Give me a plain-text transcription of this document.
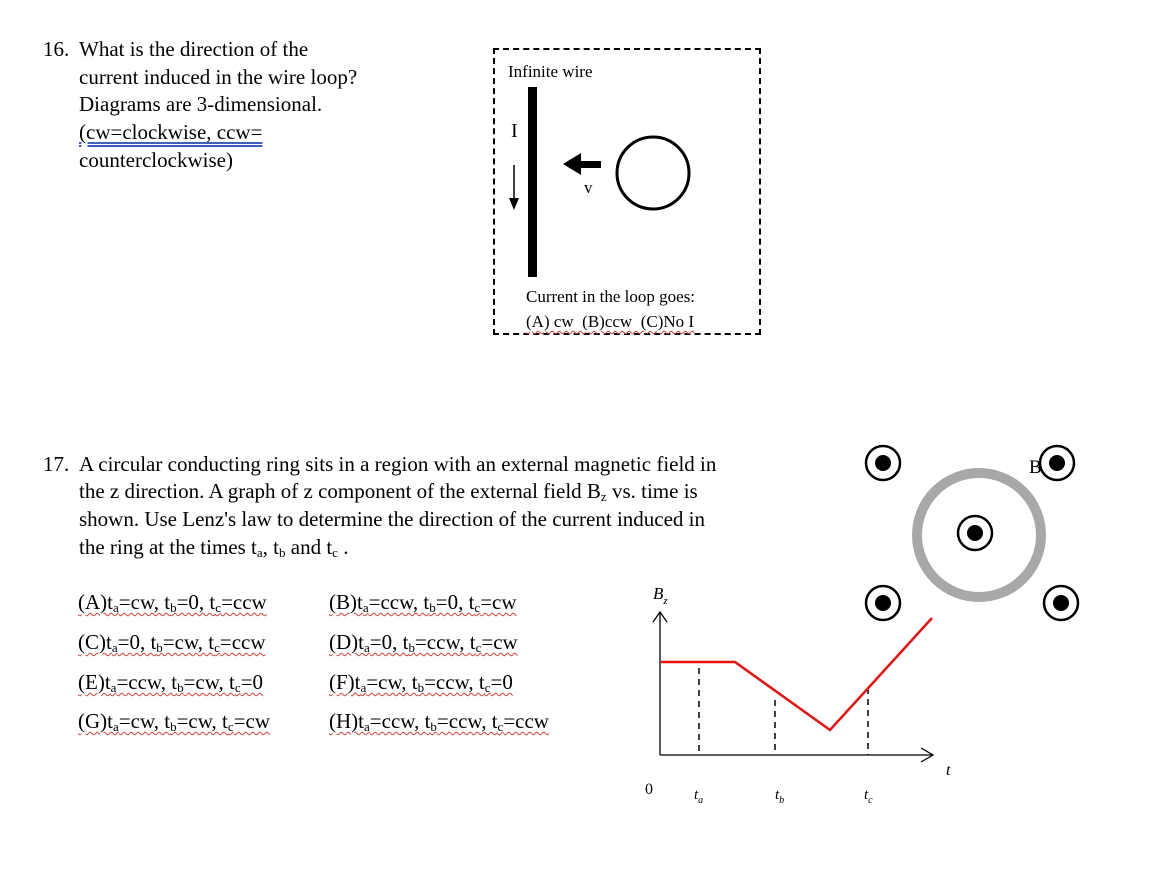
16. What is the direction of the
current induced in the wire loop?
Diagrams are 3-dimensional.
(cw=clockwise, ccw=
counterclockwise)
Infinite wire
I
v
Current in the loop goes:
(A) cw  (B)ccw  (C)No I
17. A circular conducting ring sits in a region with an external magnetic field in
the z direction. A graph of z component of the external field $B_z$ vs. time is
shown. Use Lenz's law to determine the direction of the current induced in
the ring at the times $t_a$, $t_b$ and $t_c$ .
$(A)t_a=cw$, $t_b=0$, $t_c=ccw$	$(B)t_a=ccw$, $t_b=0$, $t_c=cw$
$(C)t_a=0$, $t_b=cw$, $t_c=ccw$	$(D)t_a=0$, $t_b=ccw$, $t_c=cw$
$(E)t_a=ccw$, $t_b=cw$, $t_c=0$	$(F)t_a=cw$, $t_b=ccw$, $t_c=0$
$(G)t_a=cw$, $t_b=cw$, $t_c=cw$	$(H)t_a=ccw$, $t_b=ccw$, $t_c=ccw$
$B_z$
t
0	$t_a$	$t_b$	$t_c$
B
